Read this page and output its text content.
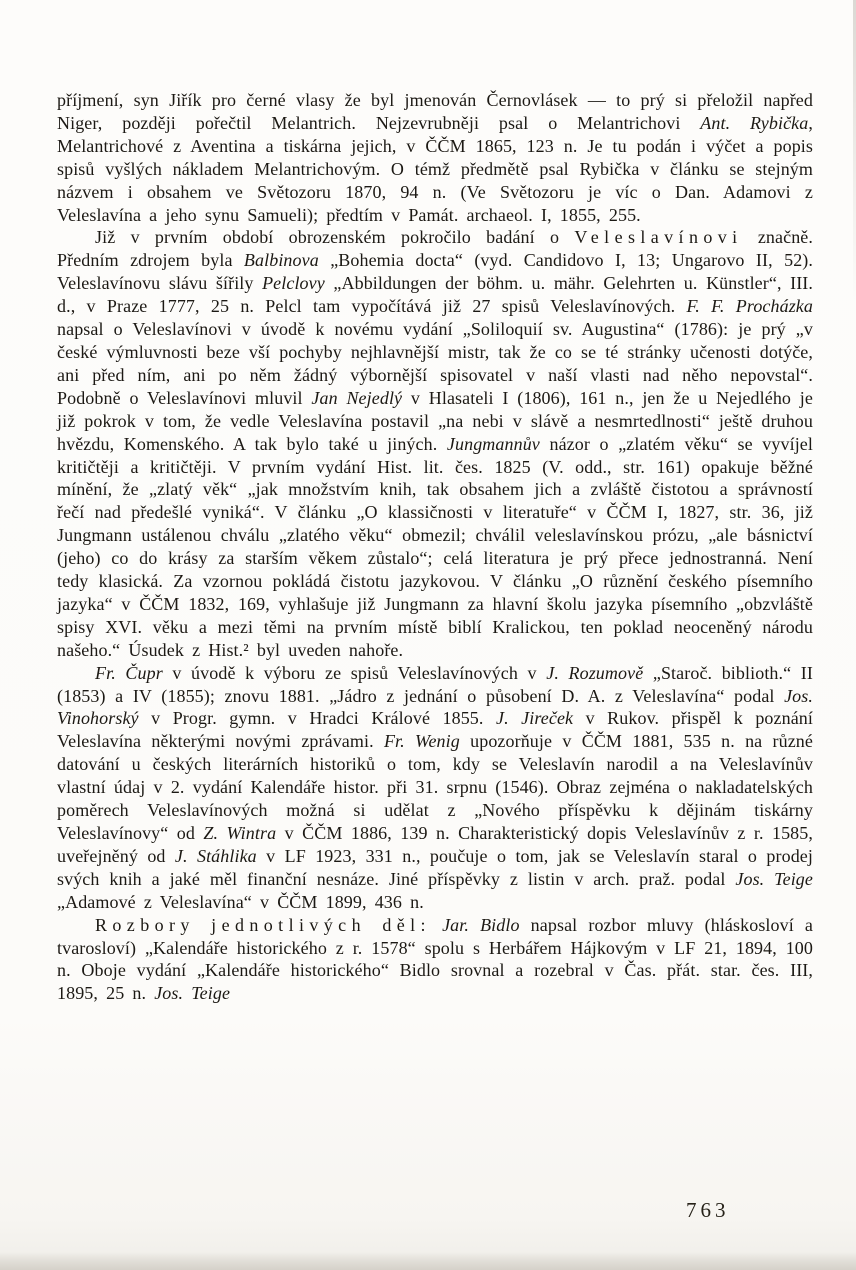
příjmení, syn Jiřík pro černé vlasy že byl jmenován Černovlásek — to prý si přeložil napřed Niger, později pořečtil Melantrich. Nejzevrubněji psal o Melantrichovi Ant. Rybička, Melantrichové z Aventina a tiskárna jejich, v ČČM 1865, 123 n. Je tu podán i výčet a popis spisů vyšlých nákladem Melantrichovým. O témž předmětě psal Rybička v článku se stejným názvem i obsahem ve Světozoru 1870, 94 n. (Ve Světozoru je víc o Dan. Adamovi z Veleslavína a jeho synu Samueli); předtím v Památ. archaeol. I, 1855, 255.

Již v prvním období obrozenském pokročilo badání o Veleslavínovi značně. Předním zdrojem byla Balbinova „Bohemia docta“ (vyd. Candidovo I, 13; Ungarovo II, 52). Veleslavínovu slávu šířily Pelclovy „Abbildungen der böhm. u. mähr. Gelehrten u. Künstler“, III. d., v Praze 1777, 25 n. Pelcl tam vypočítává již 27 spisů Veleslavínových. F. F. Procházka napsal o Veleslavínovi v úvodě k novému vydání „Soliloquií sv. Augustina“ (1786): je prý „v české výmluvnosti beze vší pochyby nejhlavnější mistr, tak že co se té stránky učenosti dotýče, ani před ním, ani po něm žádný výbornější spisovatel v naší vlasti nad něho nepovstal“. Podobně o Veleslavínovi mluvil Jan Nejedlý v Hlasateli I (1806), 161 n., jen že u Nejedlého je již pokrok v tom, že vedle Veleslavína postavil „na nebi v slávě a nesmrtedlnosti“ ještě druhou hvězdu, Komenského. A tak bylo také u jiných. Jungmannův názor o „zlatém věku“ se vyvíjel kritičtěji a kritičtěji. V prvním vydání Hist. lit. čes. 1825 (V. odd., str. 161) opakuje běžné mínění, že „zlatý věk“ „jak množstvím knih, tak obsahem jich a zvláště čistotou a správností řečí nad předešlé vyniká“. V článku „O klassičnosti v literatuře“ v ČČM I, 1827, str. 36, již Jungmann ustálenou chválu „zlatého věku“ obmezil; chválil veleslavínskou prózu, „ale básnictví (jeho) co do krásy za starším věkem zůstalo“; celá literatura je prý přece jednostranná. Není tedy klasická. Za vzornou pokládá čistotu jazykovou. V článku „O různění českého písemního jazyka“ v ČČM 1832, 169, vyhlašuje již Jungmann za hlavní školu jazyka písemního „obzvláště spisy XVI. věku a mezi těmi na prvním místě biblí Kralickou, ten poklad neoceněný národu našeho.“ Úsudek z Hist.² byl uveden nahoře.

Fr. Čupr v úvodě k výboru ze spisů Veleslavínových v J. Rozumově „Staroč. biblioth.“ II (1853) a IV (1855); znovu 1881. „Jádro z jednání o působení D. A. z Veleslavína“ podal Jos. Vinohorský v Progr. gymn. v Hradci Králové 1855. J. Jireček v Rukov. přispěl k poznání Veleslavína některými novými zprávami. Fr. Wenig upozorňuje v ČČM 1881, 535 n. na různé datování u českých literárních historiků o tom, kdy se Veleslavín narodil a na Veleslavínův vlastní údaj v 2. vydání Kalendáře histor. při 31. srpnu (1546). Obraz zejména o nakladatelských poměrech Veleslavínových možná si udělat z „Nového příspěvku k dějinám tiskárny Veleslavínovy“ od Z. Wintra v ČČM 1886, 139 n. Charakteristický dopis Veleslavínův z r. 1585, uveřejněný od J. Stáhlika v LF 1923, 331 n., poučuje o tom, jak se Veleslavín staral o prodej svých knih a jaké měl finanční nesnáze. Jiné příspěvky z listin v arch. praž. podal Jos. Teige „Adamové z Veleslavína“ v ČČM 1899, 436 n.

Rozbory jednotlivých děl: Jar. Bidlo napsal rozbor mluvy (hláskosloví a tvarosloví) „Kalendáře historického z r. 1578“ spolu s Herbářem Hájkovým v LF 21, 1894, 100 n. Oboje vydání „Kalendáře historického“ Bidlo srovnal a rozebral v Čas. přát. star. čes. III, 1895, 25 n. Jos. Teige

763
